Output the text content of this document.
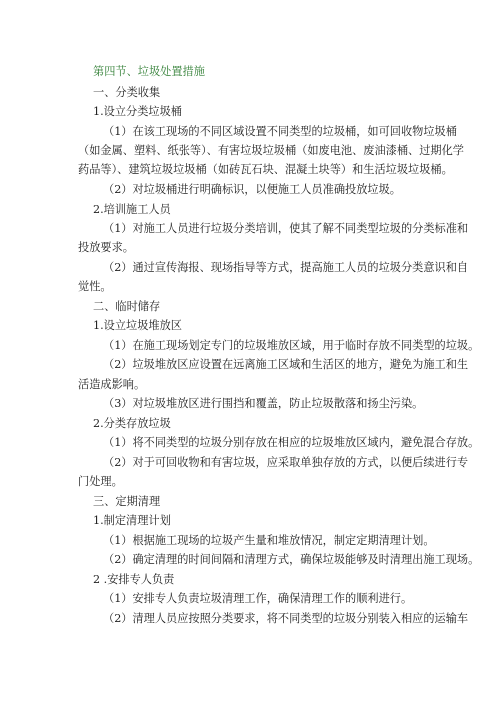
第四节、垃圾处置措施

一、分类收集

1.设立分类垃圾桶

（1）在该工现场的不同区域设置不同类型的垃圾桶，如可回收物垃圾桶

（如金属、塑料、纸张等）、有害垃圾垃圾桶（如废电池、废油漆桶、过期化学

药品等）、建筑垃圾垃圾桶（如砖瓦石块、混凝土块等）和生活垃圾垃圾桶。

（2）对垃圾桶进行明确标识，以便施工人员准确投放垃圾。

2.培训施工人员

（1）对施工人员进行垃圾分类培训，使其了解不同类型垃圾的分类标准和

投放要求。

（2）通过宣传海报、现场指导等方式，提高施工人员的垃圾分类意识和自

觉性。

二、临时储存

1.设立垃圾堆放区

（1）在施工现场划定专门的垃圾堆放区域，用于临时存放不同类型的垃圾。

（2）垃圾堆放区应设置在远离施工区域和生活区的地方，避免为施工和生

活造成影响。

（3）对垃圾堆放区进行围挡和覆盖，防止垃圾散落和扬尘污染。

2.分类存放垃圾

（1）将不同类型的垃圾分别存放在相应的垃圾堆放区域内，避免混合存放。

（2）对于可回收物和有害垃圾，应采取单独存放的方式，以便后续进行专

门处理。

三、定期清理

1.制定清理计划

（1）根据施工现场的垃圾产生量和堆放情况，制定定期清理计划。

（2）确定清理的时间间隔和清理方式，确保垃圾能够及时清理出施工现场。

2 .安排专人负责

（1）安排专人负责垃圾清理工作，确保清理工作的顺利进行。

（2）清理人员应按照分类要求，将不同类型的垃圾分别装入相应的运输车
